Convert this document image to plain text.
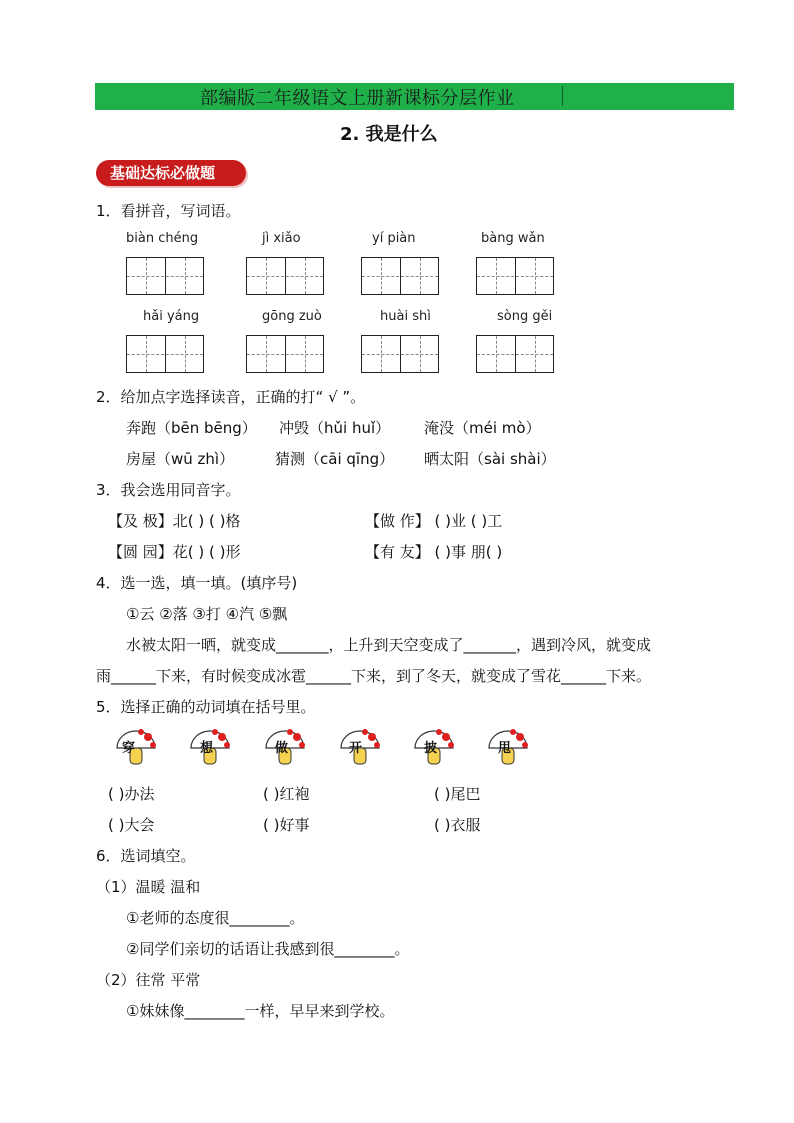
部编版二年级语文上册新课标分层作业
2. 我是什么
基础达标必做题
1．看拼音，写词语。
biàn chéng	jì xiǎo	yí piàn	bàng wǎn
hǎi yáng	gōng zuò	huài shì	sòng gěi
2．给加点字选择读音，正确的打“ √ ”。
奔跑（bēn bēng） 冲毁（hǔi huǐ） 淹没（méi mò）
房屋（wū zhì）	猜测（cāi qīng） 晒太阳（sài shài）
3．我会选用同音字。
【及 极】北( ) ( )格	【做 作】 ( )业 ( )工
【圆 园】花( ) ( )形	【有 友】 ( )事 朋( )
4．选一选，填一填。(填序号)
①云 ②落 ③打 ④汽 ⑤飘
水被太阳一晒，就变成_______，上升到天空变成了_______，遇到冷风，就变成
雨______下来，有时候变成冰雹______下来，到了冬天，就变成了雪花______下来。
5．选择正确的动词填在括号里。
穿	想	做	开	披	甩
( )办法	( )红袍	( )尾巴
( )大会	( )好事	( )衣服
6．选词填空。
（1）温暖 温和
①老师的态度很________。
②同学们亲切的话语让我感到很________。
（2）往常 平常
①妹妹像________一样，早早来到学校。
